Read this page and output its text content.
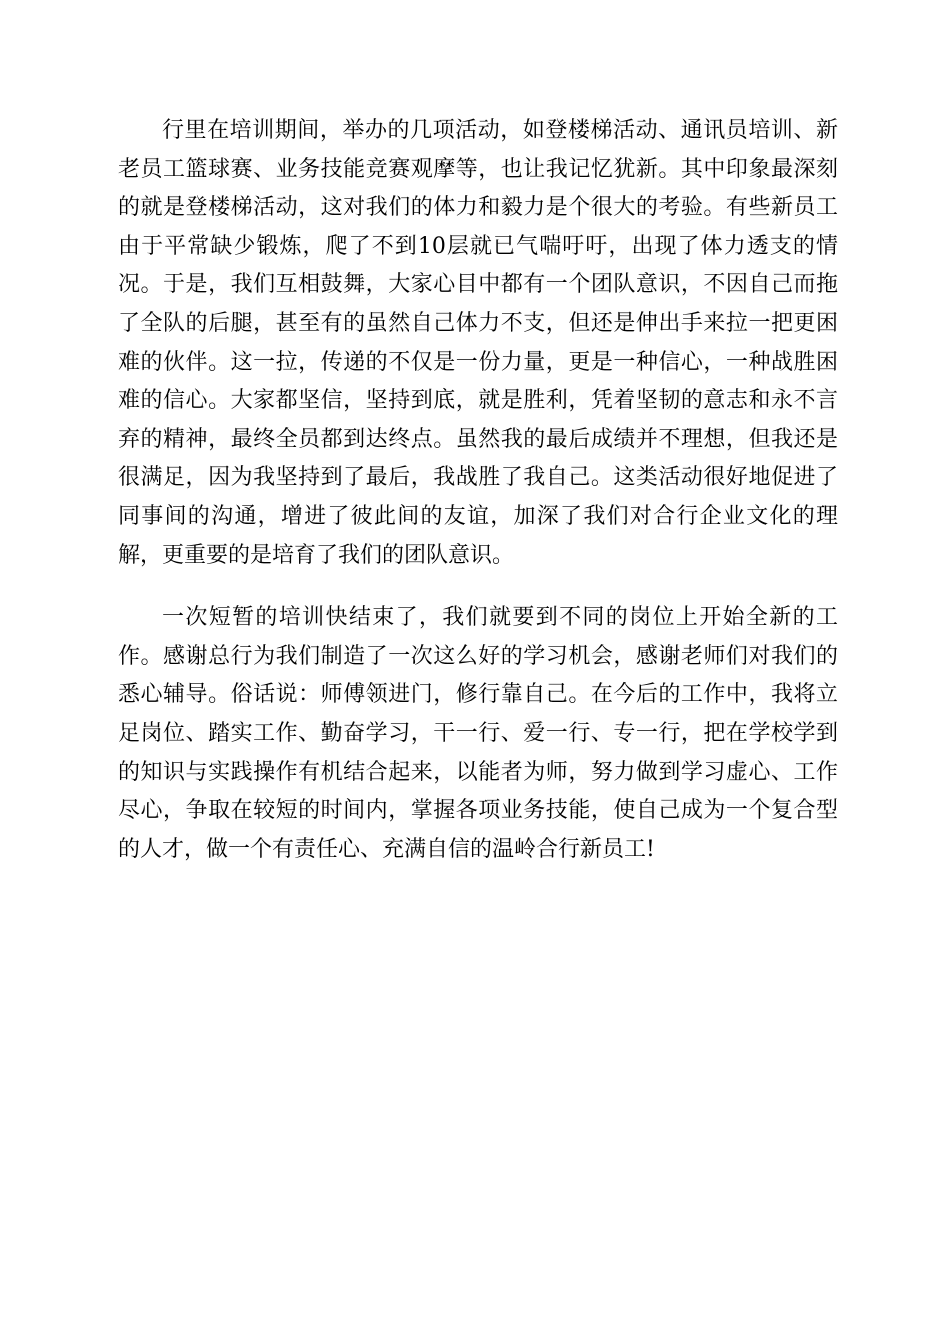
行里在培训期间，举办的几项活动，如登楼梯活动、通讯员培训、新老员工篮球赛、业务技能竞赛观摩等，也让我记忆犹新。其中印象最深刻的就是登楼梯活动，这对我们的体力和毅力是个很大的考验。有些新员工由于平常缺少锻炼，爬了不到10层就已气喘吁吁，出现了体力透支的情况。于是，我们互相鼓舞，大家心目中都有一个团队意识，不因自己而拖了全队的后腿，甚至有的虽然自己体力不支，但还是伸出手来拉一把更困难的伙伴。这一拉，传递的不仅是一份力量，更是一种信心，一种战胜困难的信心。大家都坚信，坚持到底，就是胜利，凭着坚韧的意志和永不言弃的精神，最终全员都到达终点。虽然我的最后成绩并不理想，但我还是很满足，因为我坚持到了最后，我战胜了我自己。这类活动很好地促进了同事间的沟通，增进了彼此间的友谊，加深了我们对合行企业文化的理解，更重要的是培育了我们的团队意识。

一次短暂的培训快结束了，我们就要到不同的岗位上开始全新的工作。感谢总行为我们制造了一次这么好的学习机会，感谢老师们对我们的悉心辅导。俗话说：师傅领进门，修行靠自己。在今后的工作中，我将立足岗位、踏实工作、勤奋学习，干一行、爱一行、专一行，把在学校学到的知识与实践操作有机结合起来，以能者为师，努力做到学习虚心、工作尽心，争取在较短的时间内，掌握各项业务技能，使自己成为一个复合型的人才，做一个有责任心、充满自信的温岭合行新员工!
